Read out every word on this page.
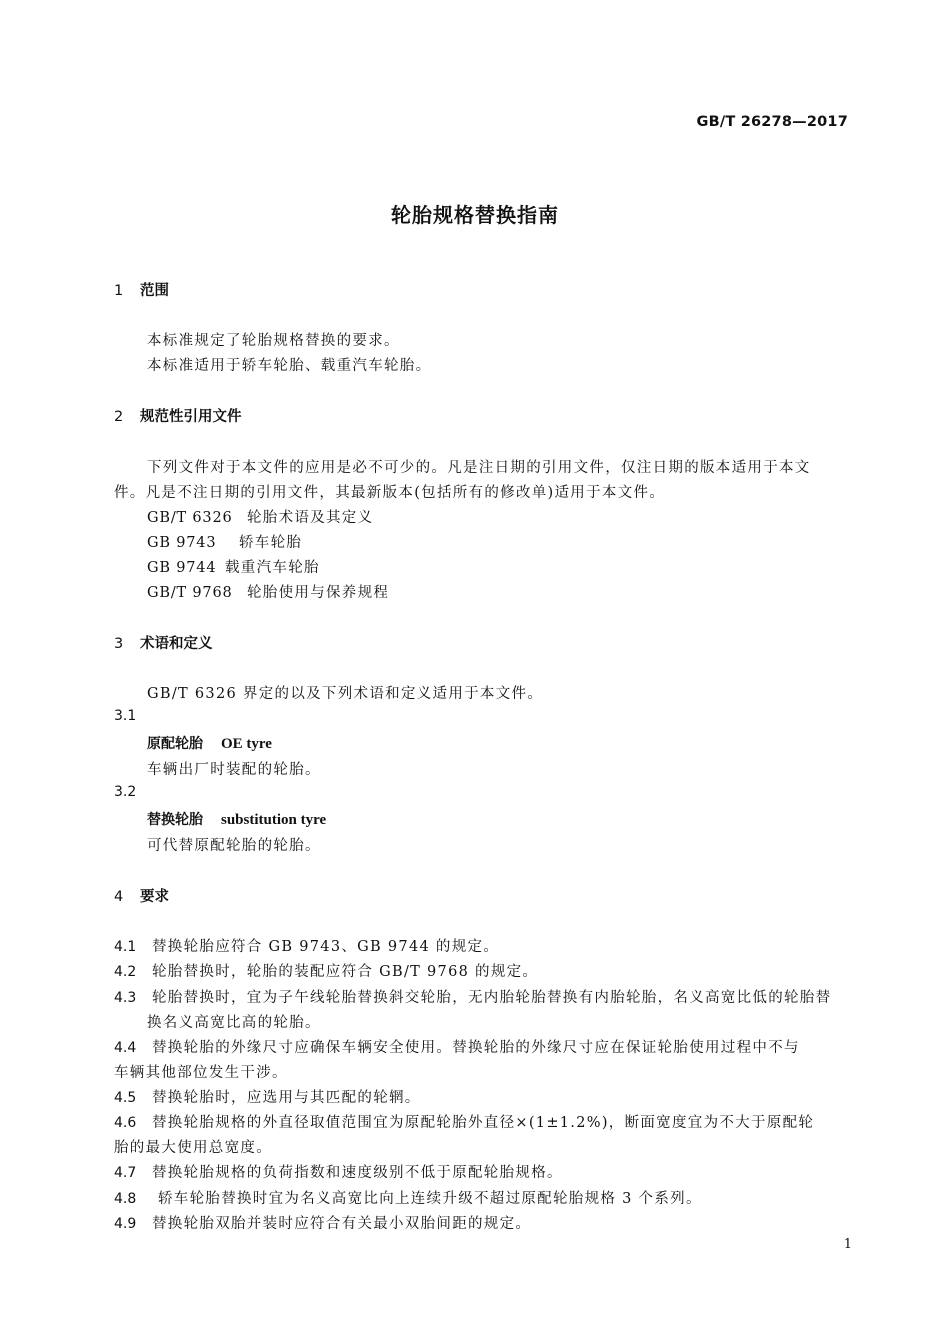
GB/T 26278—2017
轮胎规格替换指南
1 范围
本标准规定了轮胎规格替换的要求。
本标准适用于轿车轮胎、载重汽车轮胎。
2 规范性引用文件
下列文件对于本文件的应用是必不可少的。凡是注日期的引用文件，仅注日期的版本适用于本文
件。凡是不注日期的引用文件，其最新版本(包括所有的修改单)适用于本文件。
GB/T 6326 轮胎术语及其定义
GB 9743 轿车轮胎
GB 9744 载重汽车轮胎
GB/T 9768 轮胎使用与保养规程
3 术语和定义
GB/T 6326 界定的以及下列术语和定义适用于本文件。
3.1
原配轮胎 OE tyre
车辆出厂时装配的轮胎。
3.2
替换轮胎 substitution tyre
可代替原配轮胎的轮胎。
4 要求
4.1 替换轮胎应符合 GB 9743、GB 9744 的规定。
4.2 轮胎替换时，轮胎的装配应符合 GB/T 9768 的规定。
4.3 轮胎替换时，宜为子午线轮胎替换斜交轮胎，无内胎轮胎替换有内胎轮胎，名义高宽比低的轮胎替
换名义高宽比高的轮胎。
4.4 替换轮胎的外缘尺寸应确保车辆安全使用。替换轮胎的外缘尺寸应在保证轮胎使用过程中不与
车辆其他部位发生干涉。
4.5 替换轮胎时，应选用与其匹配的轮辋。
4.6 替换轮胎规格的外直径取值范围宜为原配轮胎外直径×(1±1.2%)，断面宽度宜为不大于原配轮
胎的最大使用总宽度。
4.7 替换轮胎规格的负荷指数和速度级别不低于原配轮胎规格。
4.8 轿车轮胎替换时宜为名义高宽比向上连续升级不超过原配轮胎规格 3 个系列。
4.9 替换轮胎双胎并装时应符合有关最小双胎间距的规定。
1
